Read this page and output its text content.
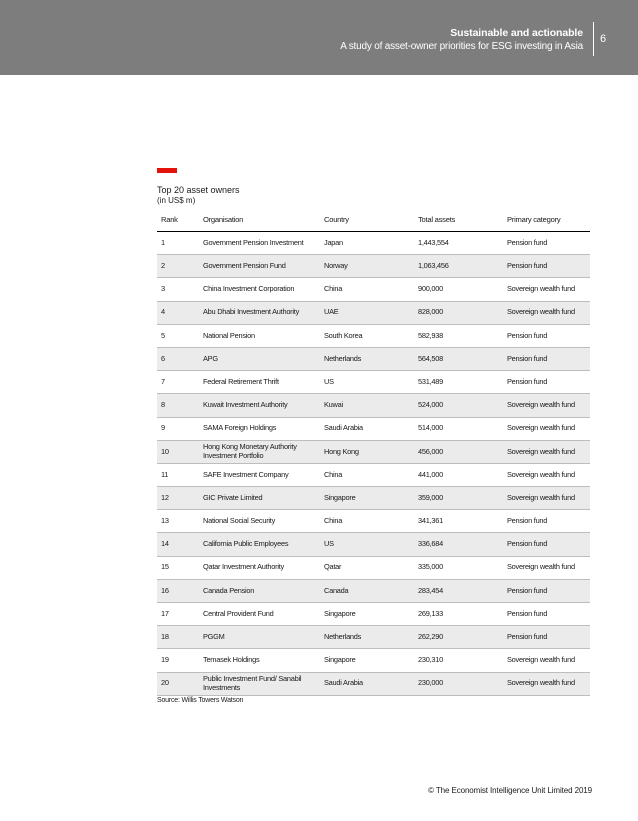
Sustainable and actionable
A study of asset-owner priorities for ESG investing in Asia
6
Top 20 asset owners
(in US$ m)
Rank	Organisation	Country	Total assets	Primary category
1	Government Pension Investment	Japan	1,443,554	Pension fund
2	Government Pension Fund	Norway	1,063,456	Pension fund
3	China Investment Corporation	China	900,000	Sovereign wealth fund
4	Abu Dhabi Investment Authority	UAE	828,000	Sovereign wealth fund
5	National Pension	South Korea	582,938	Pension fund
6	APG	Netherlands	564,508	Pension fund
7	Federal Retirement Thrift	US	531,489	Pension fund
8	Kuwait Investment Authority	Kuwai	524,000	Sovereign wealth fund
9	SAMA Foreign Holdings	Saudi Arabia	514,000	Sovereign wealth fund
10	Hong Kong Monetary Authority Investment Portfolio	Hong Kong	456,000	Sovereign wealth fund
11	SAFE Investment Company	China	441,000	Sovereign wealth fund
12	GIC Private Limited	Singapore	359,000	Sovereign wealth fund
13	National Social Security	China	341,361	Pension fund
14	California Public Employees	US	336,684	Pension fund
15	Qatar Investment Authority	Qatar	335,000	Sovereign wealth fund
16	Canada Pension	Canada	283,454	Pension fund
17	Central Provident Fund	Singapore	269,133	Pension fund
18	PGGM	Netherlands	262,290	Pension fund
19	Temasek Holdings	Singapore	230,310	Sovereign wealth fund
20	Public Investment Fund/ Sanabil Investments	Saudi Arabia	230,000	Sovereign wealth fund
Source: Willis Towers Watson
© The Economist Intelligence Unit Limited 2019
